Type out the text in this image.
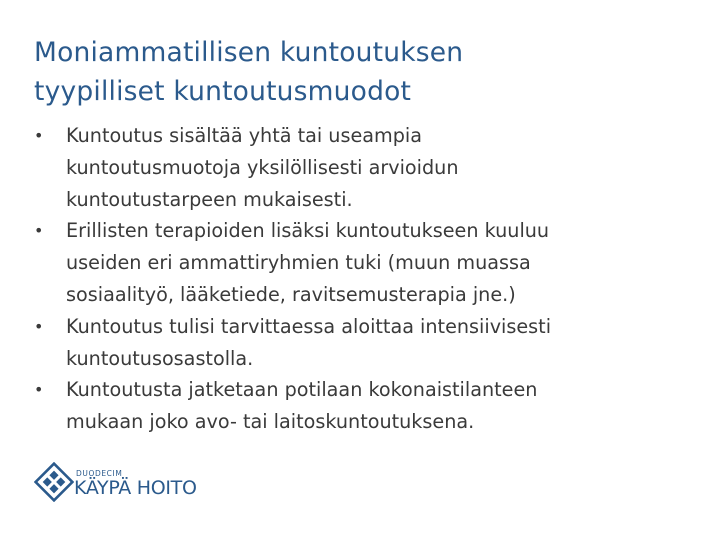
Moniammatillisen kuntoutuksen
tyypilliset kuntoutusmuodot
• Kuntoutus sisältää yhtä tai useampia
kuntoutusmuotoja yksilöllisesti arvioidun
kuntoutustarpeen mukaisesti.
• Erillisten terapioiden lisäksi kuntoutukseen kuuluu
useiden eri ammattiryhmien tuki (muun muassa
sosiaalityö, lääketiede, ravitsemusterapia jne.)
• Kuntoutus tulisi tarvittaessa aloittaa intensiivisesti
kuntoutusosastolla.
• Kuntoutusta jatketaan potilaan kokonaistilanteen
mukaan joko avo- tai laitoskuntoutuksena.
DUODECIM
KÄYPÄ HOITO
